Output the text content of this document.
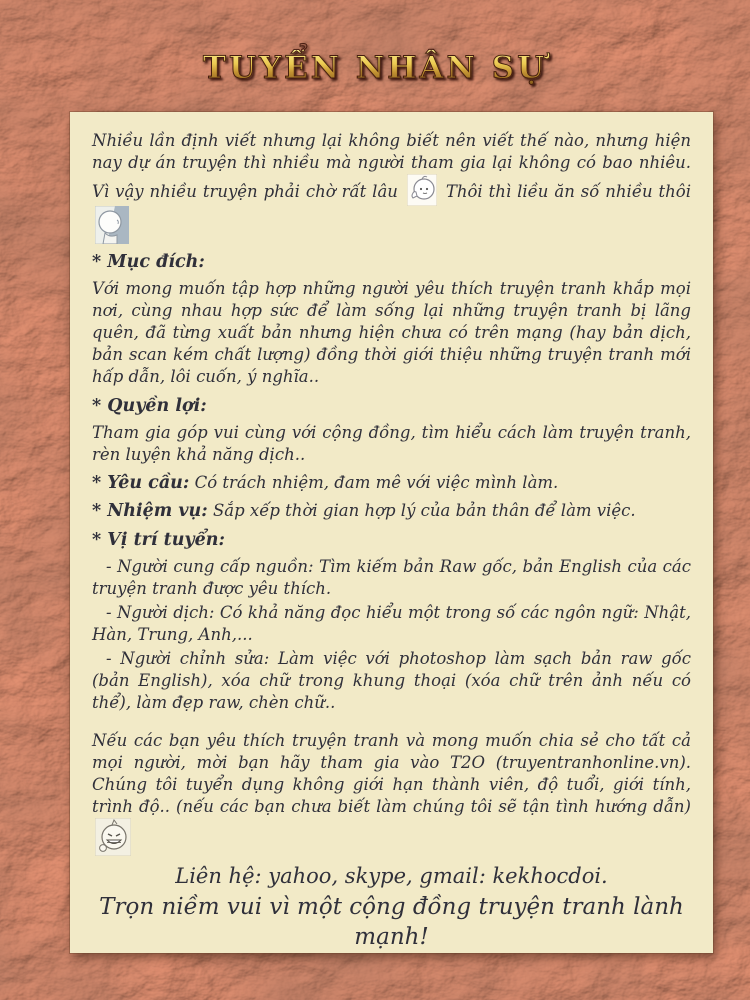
TUYỂN NHÂN SỰ

Nhiều lần định viết nhưng lại không biết nên viết thế nào, nhưng hiện nay dự án truyện thì nhiều mà người tham gia lại không có bao nhiêu. Vì vậy nhiều truyện phải chờ rất lâu	Thôi thì liều ăn số nhiều thôi

* Mục đích:

Với mong muốn tập hợp những người yêu thích truyện tranh khắp mọi nơi, cùng nhau hợp sức để làm sống lại những truyện tranh bị lãng quên, đã từng xuất bản nhưng hiện chưa có trên mạng (hay bản dịch, bản scan kém chất lượng) đồng thời giới thiệu những truyện tranh mới hấp dẫn, lôi cuốn, ý nghĩa..

* Quyền lợi:

Tham gia góp vui cùng với cộng đồng, tìm hiểu cách làm truyện tranh, rèn luyện khả năng dịch..

* Yêu cầu: Có trách nhiệm, đam mê với việc mình làm.

* Nhiệm vụ: Sắp xếp thời gian hợp lý của bản thân để làm việc.

* Vị trí tuyển:

- Người cung cấp nguồn: Tìm kiếm bản Raw gốc, bản English của các truyện tranh được yêu thích.

- Người dịch: Có khả năng đọc hiểu một trong số các ngôn ngữ: Nhật, Hàn, Trung, Anh,...

- Người chỉnh sửa: Làm việc với photoshop làm sạch bản raw gốc (bản English), xóa chữ trong khung thoại (xóa chữ trên ảnh nếu có thể), làm đẹp raw, chèn chữ..

Nếu các bạn yêu thích truyện tranh và mong muốn chia sẻ cho tất cả mọi người, mời bạn hãy tham gia vào T2O (truyentranhonline.vn). Chúng tôi tuyển dụng không giới hạn thành viên, độ tuổi, giới tính, trình độ.. (nếu các bạn chưa biết làm chúng tôi sẽ tận tình hướng dẫn)

Liên hệ: yahoo, skype, gmail: kekhocdoi.

Trọn niềm vui vì một cộng đồng truyện tranh lành mạnh!
